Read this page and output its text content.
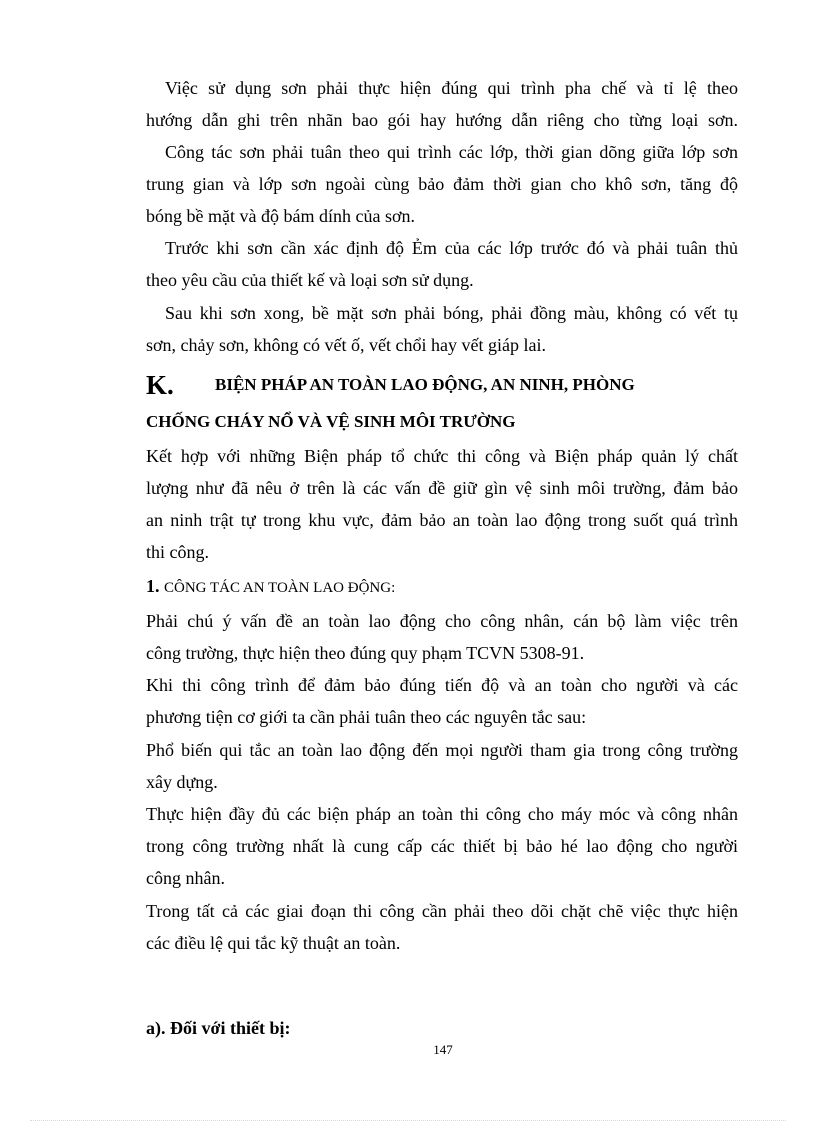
Việc sử dụng sơn phải thực hiện đúng qui trình pha chế và tỉ lệ theo
hướng dẫn ghi trên nhãn bao gói hay hướng dẫn riêng cho từng loại sơn.
Công tác sơn phải tuân theo qui trình các lớp, thời gian dõng giữa lớp sơn
trung gian và lớp sơn ngoài cùng bảo đảm thời gian cho khô sơn, tăng độ
bóng bề mặt và độ bám dính của sơn.
Trước khi sơn cần xác định độ Ẻm của các lớp trước đó và phải tuân thủ
theo yêu cầu của thiết kế và loại sơn sử dụng.
Sau khi sơn xong, bề mặt sơn phải bóng, phải đồng màu, không có vết tụ
sơn, chảy sơn, không có vết ố, vết chổi hay vết giáp lai.
K. BIỆN PHÁP AN TOÀN LAO ĐỘNG, AN NINH, PHÒNG
CHỐNG CHÁY NỔ VÀ VỆ SINH MÔI TRƯỜNG
Kết hợp với những Biện pháp tổ chức thi công và Biện pháp quản lý chất
lượng như đã nêu ở trên là các vấn đề giữ gìn vệ sinh môi trường, đảm bảo
an ninh trật tự trong khu vực, đảm bảo an toàn lao động trong suốt quá trình
thi công.
1. CÔNG TÁC AN TOÀN LAO ĐỘNG:
Phải chú ý vấn đề an toàn lao động cho công nhân, cán bộ làm việc trên
công trường, thực hiện theo đúng quy phạm TCVN 5308-91.
Khi thi công trình để đảm bảo đúng tiến độ và an toàn cho người và các
phương tiện cơ giới ta cần phải tuân theo các nguyên tắc sau:
Phổ biến qui tắc an toàn lao động đến mọi người tham gia trong công trường
xây dựng.
Thực hiện đầy đủ các biện pháp an toàn thi công cho máy móc và công nhân
trong công trường nhất là cung cấp các thiết bị bảo hé lao động cho người
công nhân.
Trong tất cả các giai đoạn thi công cần phải theo dõi chặt chẽ việc thực hiện
các điều lệ qui tắc kỹ thuật an toàn.
a). Đối với thiết bị:
147
